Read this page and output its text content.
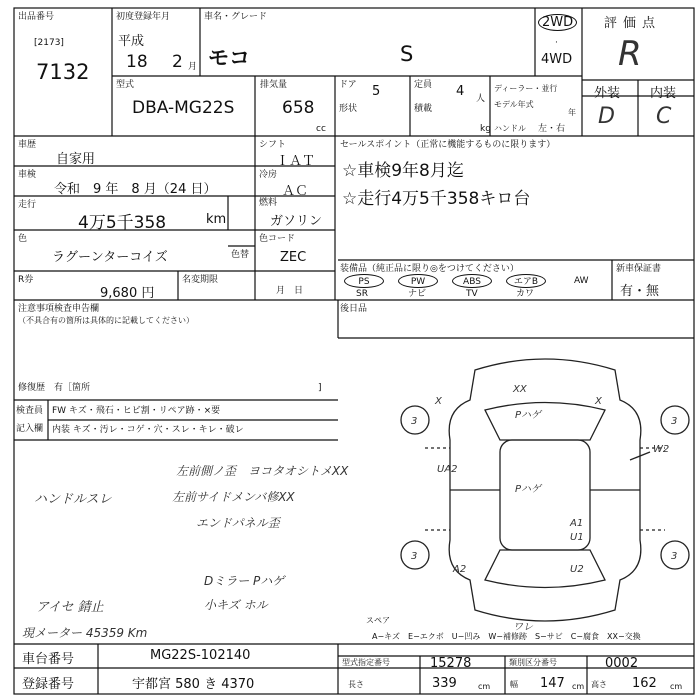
出品番号
[2173]
7132
初度登録年月
平成
18 2 月
車名・グレード
モコ	S
2WD
·
4WD
評価点
R
型式
DBA-MG22S
排気量
658
cc
ドア 5
形状
定員 4 人
積載
kg
ディーラー・並行
モデル年式
年
ハンドル 左・右
外装 内装
D C
車歴
自家用
シフト
ＩＡＴ
車検
令和　9 年　8 月（24 日）
冷房
ＡＣ
走行
4万5千358	km
燃料
ガソリン
色
ラグーンターコイズ	色替
色コード
ZEC
R券
9,680 円
名変期限
月　日
セールスポイント（正常に機能するものに限ります）
☆車検9年8月迄
☆走行4万5千358キロ台
装備品（純正品に限り◎をつけてください）	新車保証書
有・無
PS	PW	ABS	エアB	AW
SR	ナビ	TV	カワ
注意事項検査申告欄
（不具合有の箇所は具体的に記載してください）
修復歴　有［箇所	]
後日品
検査員
記入欄
FW キズ・飛石・ヒビ割・リペア跡・×要
内装 キズ・汚レ・コゲ・穴・スレ・キレ・破レ
左前側ノ歪　ヨコタオシトメXX
ハンドルスレ	左前サイドメンバ修XX
エンドパネル歪
Dミラー Pハゲ
アイセ 錆止	小キズ ホル
現メーター 45359 Km
XX
Pハゲ
Pハゲ
UA2
A1
U1
A2	U2
W2
X	X
3	3
3	3
ワレ
スペア
A−キズ　E−エクボ　U−凹み　W−補修跡　S−サビ　C−腐食　XX−交換
車台番号	MG22S-102140
登録番号	宇都宮 580 き 4370
型式指定番号	15278	類別区分番号	0002
長さ	339	cm 幅 147 cm 高さ 162 cm
